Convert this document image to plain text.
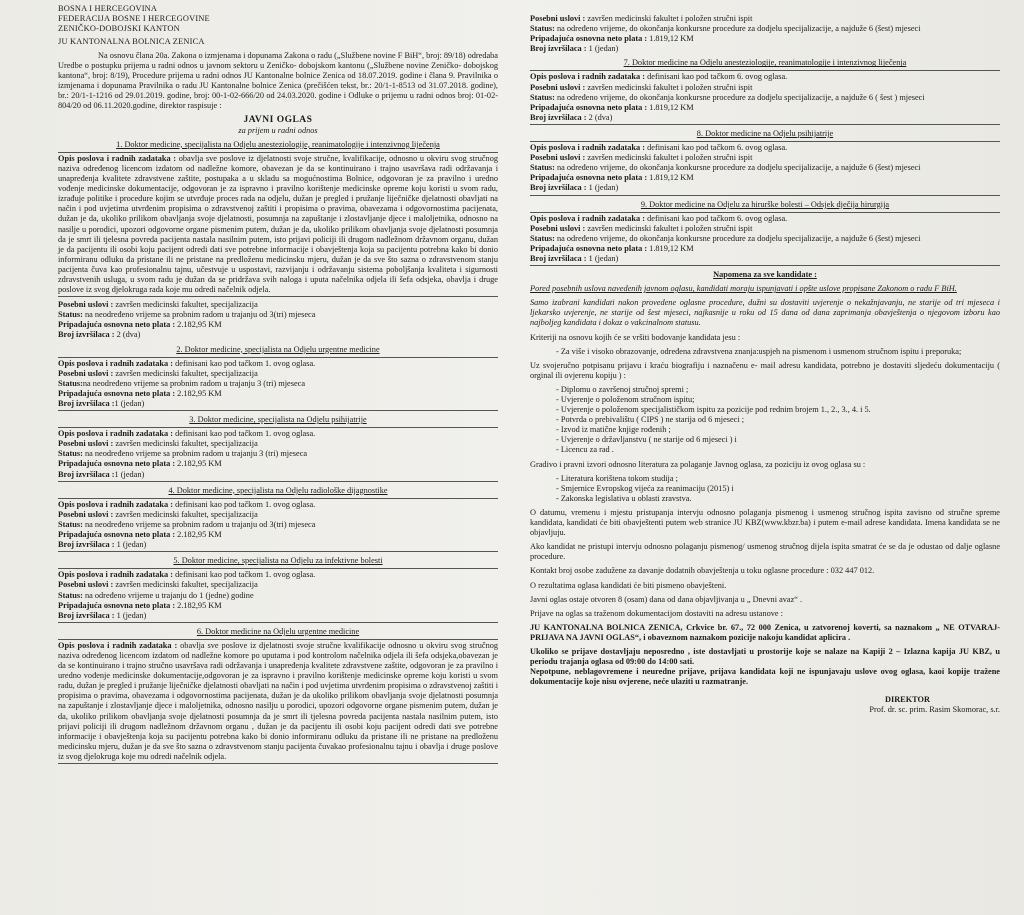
BOSNA I HERCEGOVINA
FEDERACIJA BOSNE I HERCEGOVINE
ZENIČKO-DOBOJSKI KANTON
JU KANTONALNA BOLNICA ZENICA
Na osnovu člana 20a. Zakona o izmjenama i dopunama Zakona o radu („Službene novine F BiH“, broj: 89/18) odredaba Uredbe o postupku prijema u radni odnos u javnom sektoru u Zeničko- dobojskom kantonu („Službene novine Zeničko- dobojskog kantona“, broj: 8/19), Procedure prijema u radni odnos JU Kantonalne bolnice Zenica od 18.07.2019. godine i člana 9. Pravilnika o izmjenama i dopunama Pravilnika o radu JU Kantonalne bolnice Zenica (prečišćen tekst, br.: 20/1-1-8513 od 31.07.2018. godine), br.: 20/1-1-1216 od 29.01.2019. godine, broj: 00-1-02-666/20 od 24.03.2020. godine i Odluke o prijemu u radni odnos broj: 01-02-804/20 od 06.11.2020.godine, direktor raspisuje :
JAVNI OGLAS
za prijem u radni odnos
1. Doktor medicine, specijalista na Odjelu anesteziologije, reanimatologije i intenzivnog liječenja
Opis poslova i radnih zadataka : obavlja sve poslove iz djelatnosti svoje stručne, kvalifikacije, odnosno u okviru svog stručnog naziva određenog licencom izdatom od nadležne komore, obavezan je da se kontinuirano i trajno usavršava radi održavanja i unapređenja kvalitete zdravstvene zaštite, postupaka a u skladu sa mogućnostima Bolnice, odgovoran je za pravilno i uredno vođenje medicinske dokumentacije, odgovoran je za ispravno i pravilno korištenje medicinske opreme koju koristi u svom radu, izrađuje politike i procedure kojim se utvrđuje proces rada na odjelu, dužan je pregled i pružanje liječničke djelatnosti obavljati na način i pod uvjetima utvrđenim propisima o zdravstvenoj zaštiti i propisima o pravima, obavezama i odgovornostima pacijenata, dužan je da, ukoliko prilikom obavljanja svoje djelatnosti, posumnja na zapuštanje i zlostavljanje djece i maloljetnika, odnosno na nasilje u porodici, upozori odgovorne organe pismenim putem, dužan je da, ukoliko prilikom obavljanja svoje djelatnosti posumnja da je smrt ili tjelesna povreda pacijenta nastala nasilnim putem, isto prijavi policiji ili drugom nadležnom državnom organu, dužan je da pacijentu ili osobi koju pacijent odredi dati sve potrebne informacije i obavještenja koja su pacijentu potrebna kako bi donio informiranu odluku da pristane ili ne pristane na predloženu medicinsku mjeru, dužan je da sve što sazna o zdravstvenom stanju pacijenta čuva kao profesionalnu tajnu, učestvuje u uspostavi, razvijanju i održavanju sistema poboljšanja kvaliteta i sigurnosti zdravstvenih usluga, u svom radu je dužan da se pridržava svih naloga i uputa načelnika odjela ili šefa odsjeka, obavlja i druge poslove iz svog djelokruga rada koje mu odredi načelnik odjela.
Posebni uslovi : završen medicinski fakultet, specijalizacija
Status: na neodređeno vrijeme sa probnim radom u trajanju od 3(tri) mjeseca
Pripadajuća osnovna neto plata : 2.182,95 KM
Broj izvršilaca : 2 (dva)
2. Doktor medicine, specijalista na Odjelu urgentne medicine
Opis poslova i radnih zadataka : definisani kao pod tačkom 1. ovog oglasa.
Posebni uslovi : završen medicinski fakultet, specijalizacija
Status:na neodređeno vrijeme sa probnim radom u trajanju 3 (tri) mjeseca
Pripadajuća osnovna neto plata : 2.182,95 KM
Broj izvršilaca :1 (jedan)
3. Doktor medicine, specijalista na Odjelu psihijatrije
Opis poslova i radnih zadataka : definisani kao pod tačkom 1. ovog oglasa.
Posebni uslovi : završen medicinski fakultet, specijalizacija
Status: na neodređeno vrijeme sa probnim radom u trajanju 3 (tri) mjeseca
Pripadajuća osnovna neto plata : 2.182,95 KM
Broj izvršilaca :1 (jedan)
4. Doktor medicine, specijalista na Odjelu radiološke dijagnostike
Opis poslova i radnih zadataka : definisani kao pod tačkom 1. ovog oglasa.
Posebni uslovi : završen medicinski fakultet, specijalizacija
Status: na neodređeno vrijeme sa probnim radom u trajanju od 3(tri) mjeseca
Pripadajuća osnovna neto plata : 2.182,95 KM
Broj izvršilaca : 1 (jedan)
5. Doktor medicine, specijalista na Odjelu za infektivne bolesti
Opis poslova i radnih zadataka : definisani kao pod tačkom 1. ovog oglasa.
Posebni uslovi : završen medicinski fakultet, specijalizacija
Status: na određeno vrijeme u trajanju do 1 (jedne) godine
Pripadajuća osnovna neto plata : 2.182,95 KM
Broj izvršilaca : 1 (jedan)
6. Doktor medicine na Odjelu urgentne medicine
Opis poslova i radnih zadataka : obavlja sve poslove iz djelatnosti svoje stručne kvalifikacije odnosno u okviru svog stručnog naziva određenog licencom izdatom od nadležne komore po uputama i pod kontrolom načelnika odjela ili šefa odsjeka,obavezan je da se kontinuirano i trajno stručno usavršava radi održavanja i unapređenja kvalitete zdravstvene zaštite, odgovoran je za pravilno i uredno vođenje medicinske dokumentacije,odgovoran je za ispravno i pravilno korištenje medicinske opreme koju koristi u svom radu, dužan je pregled i pružanje liječničke djelatnosti obavljati na način i pod uvjetima utvrđenim propisima o zdravstvenoj zaštiti i propisima o pravima, obavezama i odgovornostima pacijenata, dužan je da ukoliko prilikom obavljanja svoje djelatnosti posumnja na zapuštanje i zlostavljanje djece i maloljetnika, odnosno nasilju u porodici, upozori odgovorne organe pismenim putem, dužan je da, ukoliko prilikom obavljanja svoje djelatnosti posumnja da je smrt ili tjelesna povreda pacijenta nastala nasilnim putem, isto prijavi policiji ili drugom nadležnom državnom organu , dužan je da pacijentu ili osobi koju pacijent odredi dati sve potrebne informacije i obavještenja koja su pacijentu potrebna kako bi donio informiranu odluku da pristane ili ne pristane na predloženu medicinsku mjeru, dužan je da sve što sazna o zdravstvenom stanju pacijenta čuvakao profesionalnu tajnu i obavlja i druge poslove iz svog djelokruga koje mu odredi načelnik odjela.
Posebni uslovi : završen medicinski fakultet i položen stručni ispit
Status: na određeno vrijeme, do okončanja konkursne procedure za dodjelu specijalizacije, a najduže 6 (šest) mjeseci
Pripadajuća osnovna neto plata : 1.819,12 KM
Broj izvršilaca : 1 (jedan)
7. Doktor medicine na Odjelu anesteziologije, reanimatologije i intenzivnog liječenja
Opis poslova i radnih zadataka : definisani kao pod tačkom 6. ovog oglasa.
Posebni uslovi : završen medicinski fakultet i položen stručni ispit
Status: na određeno vrijeme, do okončanja konkursne procedure za dodjelu specijalizacije, a najduže 6 ( šest ) mjeseci
Pripadajuća osnovna neto plata : 1.819,12 KM
Broj izvršilaca : 2 (dva)
8. Doktor medicine na Odjelu psihijatrije
Opis poslova i radnih zadataka : definisani kao pod tačkom 6. ovog oglasa.
Posebni uslovi : završen medicinski fakultet i položen stručni ispit
Status: na određeno vrijeme, do okončanja konkursne procedure za dodjelu specijalizacije, a najduže 6 (šest) mjeseci
Pripadajuća osnovna neto plata : 1.819,12 KM
Broj izvršilaca : 1 (jedan)
9. Doktor medicine na Odjelu za hirurške bolesti – Odsjek dječija hirurgija
Opis poslova i radnih zadataka : definisani kao pod tačkom 6. ovog oglasa.
Posebni uslovi : završen medicinski fakultet i položen stručni ispit
Status: na određeno vrijeme, do okončanja konkursne procedure za dodjelu specijalizacije, a najduže 6 (šest) mjeseci
Pripadajuća osnovna neto plata : 1.819,12 KM
Broj izvršilaca : 1 (jedan)
Napomena za sve kandidate :
Pored posebnih uslova navedenih javnom oglasu, kandidati moraju ispunjavati i opšte uslove propisane Zakonom o radu F BiH.
Samo izabrani kandidati nakon provedene oglasne procedure, dužni su dostaviti uvjerenje o nekažnjavanju, ne starije od tri mjeseca i ljekarsko uvjerenje, ne starije od šest mjeseci, najkasnije u roku od 15 dana od dana zaprimanja obavještenja o njegovom izboru kao najboljeg kandidata i dokaz o vakcinalnom statusu.
Kriteriji na osnovu kojih će se vršiti bodovanje kandidata jesu :
- Za više i visoko obrazovanje, određena zdravstvena znanja:uspjeh na pismenom i usmenom stručnom ispitu i preporuka;
Uz svojeručno potpisanu prijavu i kraću biografiju i naznačenu e- mail adresu kandidata, potrebno je dostaviti sljedeću dokumentaciju ( orginal ili ovjerenu kopiju ) :
- Diplomu o završenoj stručnoj spremi ;
- Uvjerenje o položenom stručnom ispitu;
- Uvjerenje o položenom specijalističkom ispitu za pozicije pod rednim brojem 1., 2., 3., 4. i 5.
- Potvrda o prebivalištu ( CIPS ) ne starija od 6 mjeseci ;
- Izvod iz matične knjige rođenih ;
- Uvjerenje o državljanstvu ( ne starije od 6 mjeseci ) i
- Licencu za rad .
Gradivo i pravni izvori odnosno literatura za polaganje Javnog oglasa, za poziciju iz ovog oglasa su :
- Literatura korištena tokom studija ;
- Smjernice Evropskog vijeća za reanimaciju (2015) i
- Zakonska legislativa u oblasti zravstva.
O datumu, vremenu i mjestu pristupanja intervju odnosno polaganja pismenog i usmenog stručnog ispita zavisno od stručne spreme kandidata, kandidati će biti obavještenti putem web stranice JU KBZ(www.kbzr.ba) i putem e-mail adrese kandidata. Imena kandidata se ne objavljuju.
Ako kandidat ne pristupi intervju odnosno polaganju pismenog/ usmenog stručnog dijela ispita smatrat će se da je odustao od dalje oglasne procedure.
Kontakt broj osobe zadužene za davanje dodatnih obavještenja u toku oglasne procedure : 032 447 012.
O rezultatima oglasa kandidati će biti pismeno obavješteni.
Javni oglas ostaje otvoren 8 (osam) dana od dana objavljivanja u „ Dnevni avaz“ .
Prijave na oglas sa traženom dokumentacijom dostaviti na adresu ustanove :
JU KANTONALNA BOLNICA ZENICA, Crkvice br. 67., 72 000 Zenica, u zatvorenoj koverti, sa naznakom „ NE OTVARAJ- PRIJAVA NA JAVNI OGLAS“, i obaveznom naznakom pozicije nakoju kandidat aplicira .
Ukoliko se prijave dostavljaju neposredno , iste dostavljati u prostorije koje se nalaze na Kapiji 2 – Izlazna kapija JU KBZ, u periodu trajanja oglasa od 09:00 do 14:00 sati.
Nepotpune, neblagovremene i neuredne prijave, prijava kandidata koji ne ispunjavaju uslove ovog oglasa, kaoi kopije tražene dokumentacije koje nisu ovjerene, neće ulaziti u razmatranje.
DIREKTOR
Prof. dr. sc. prim. Rasim Skomorac, s.r.
